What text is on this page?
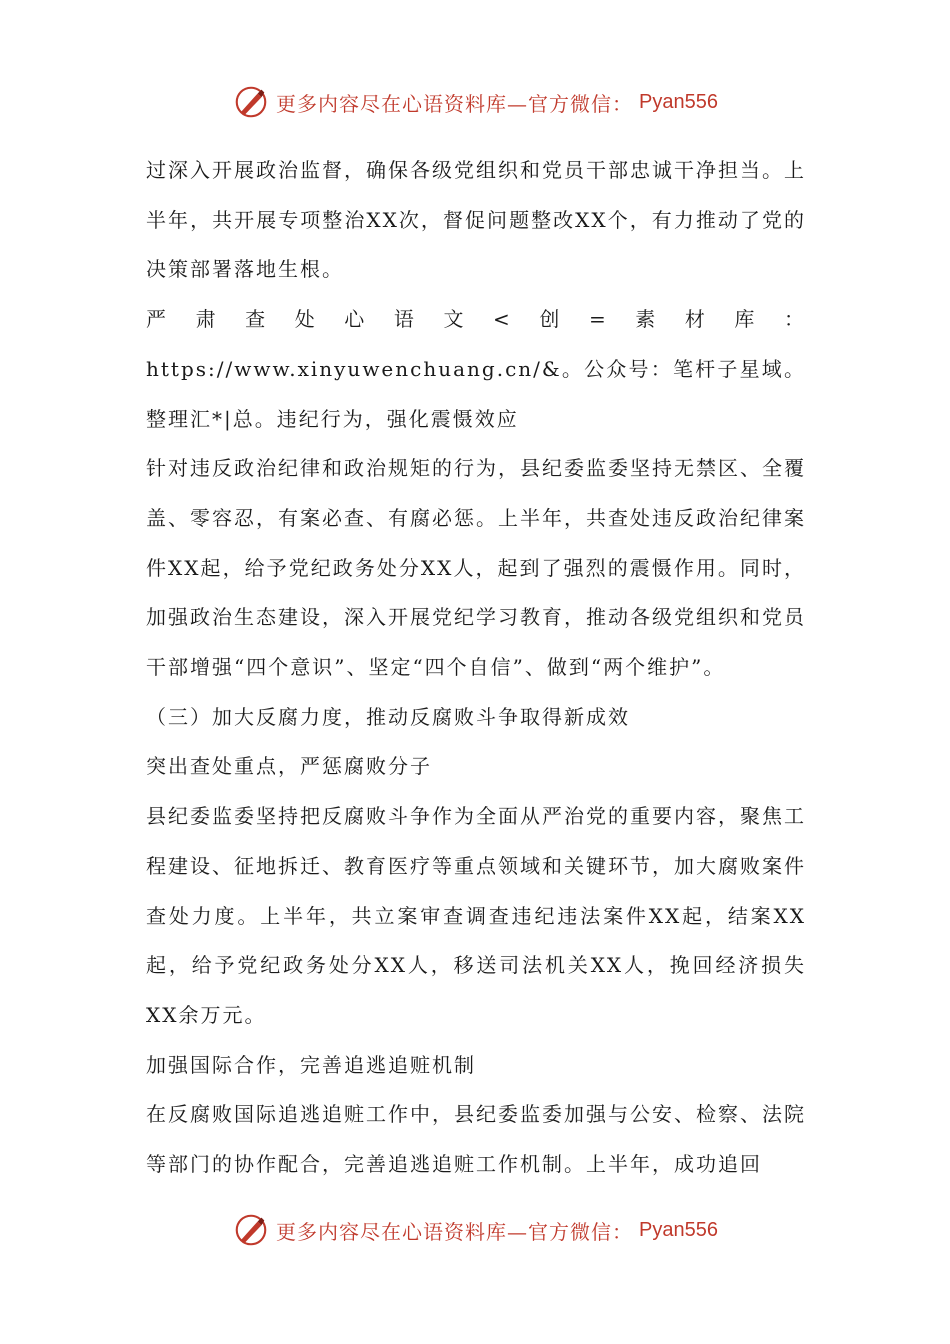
更多内容尽在心语资料库—官方微信： Pyan556

过深入开展政治监督，确保各级党组织和党员干部忠诚干净担当。上半年，共开展专项整治XX次，督促问题整改XX个，有力推动了党的决策部署落地生根。

严肃查处心语文<创=素材库：https://www.xinyuwenchuang.cn/&。公众号：笔杆子星域。整理汇*|总。违纪行为，强化震慑效应

针对违反政治纪律和政治规矩的行为，县纪委监委坚持无禁区、全覆盖、零容忍，有案必查、有腐必惩。上半年，共查处违反政治纪律案件XX起，给予党纪政务处分XX人，起到了强烈的震慑作用。同时，加强政治生态建设，深入开展党纪学习教育，推动各级党组织和党员干部增强“四个意识”、坚定“四个自信”、做到“两个维护”。

（三）加大反腐力度，推动反腐败斗争取得新成效

突出查处重点，严惩腐败分子

县纪委监委坚持把反腐败斗争作为全面从严治党的重要内容，聚焦工程建设、征地拆迁、教育医疗等重点领域和关键环节，加大腐败案件查处力度。上半年，共立案审查调查违纪违法案件XX起，结案XX起，给予党纪政务处分XX人，移送司法机关XX人，挽回经济损失XX余万元。

加强国际合作，完善追逃追赃机制

在反腐败国际追逃追赃工作中，县纪委监委加强与公安、检察、法院等部门的协作配合，完善追逃追赃工作机制。上半年，成功追回

更多内容尽在心语资料库—官方微信： Pyan556
